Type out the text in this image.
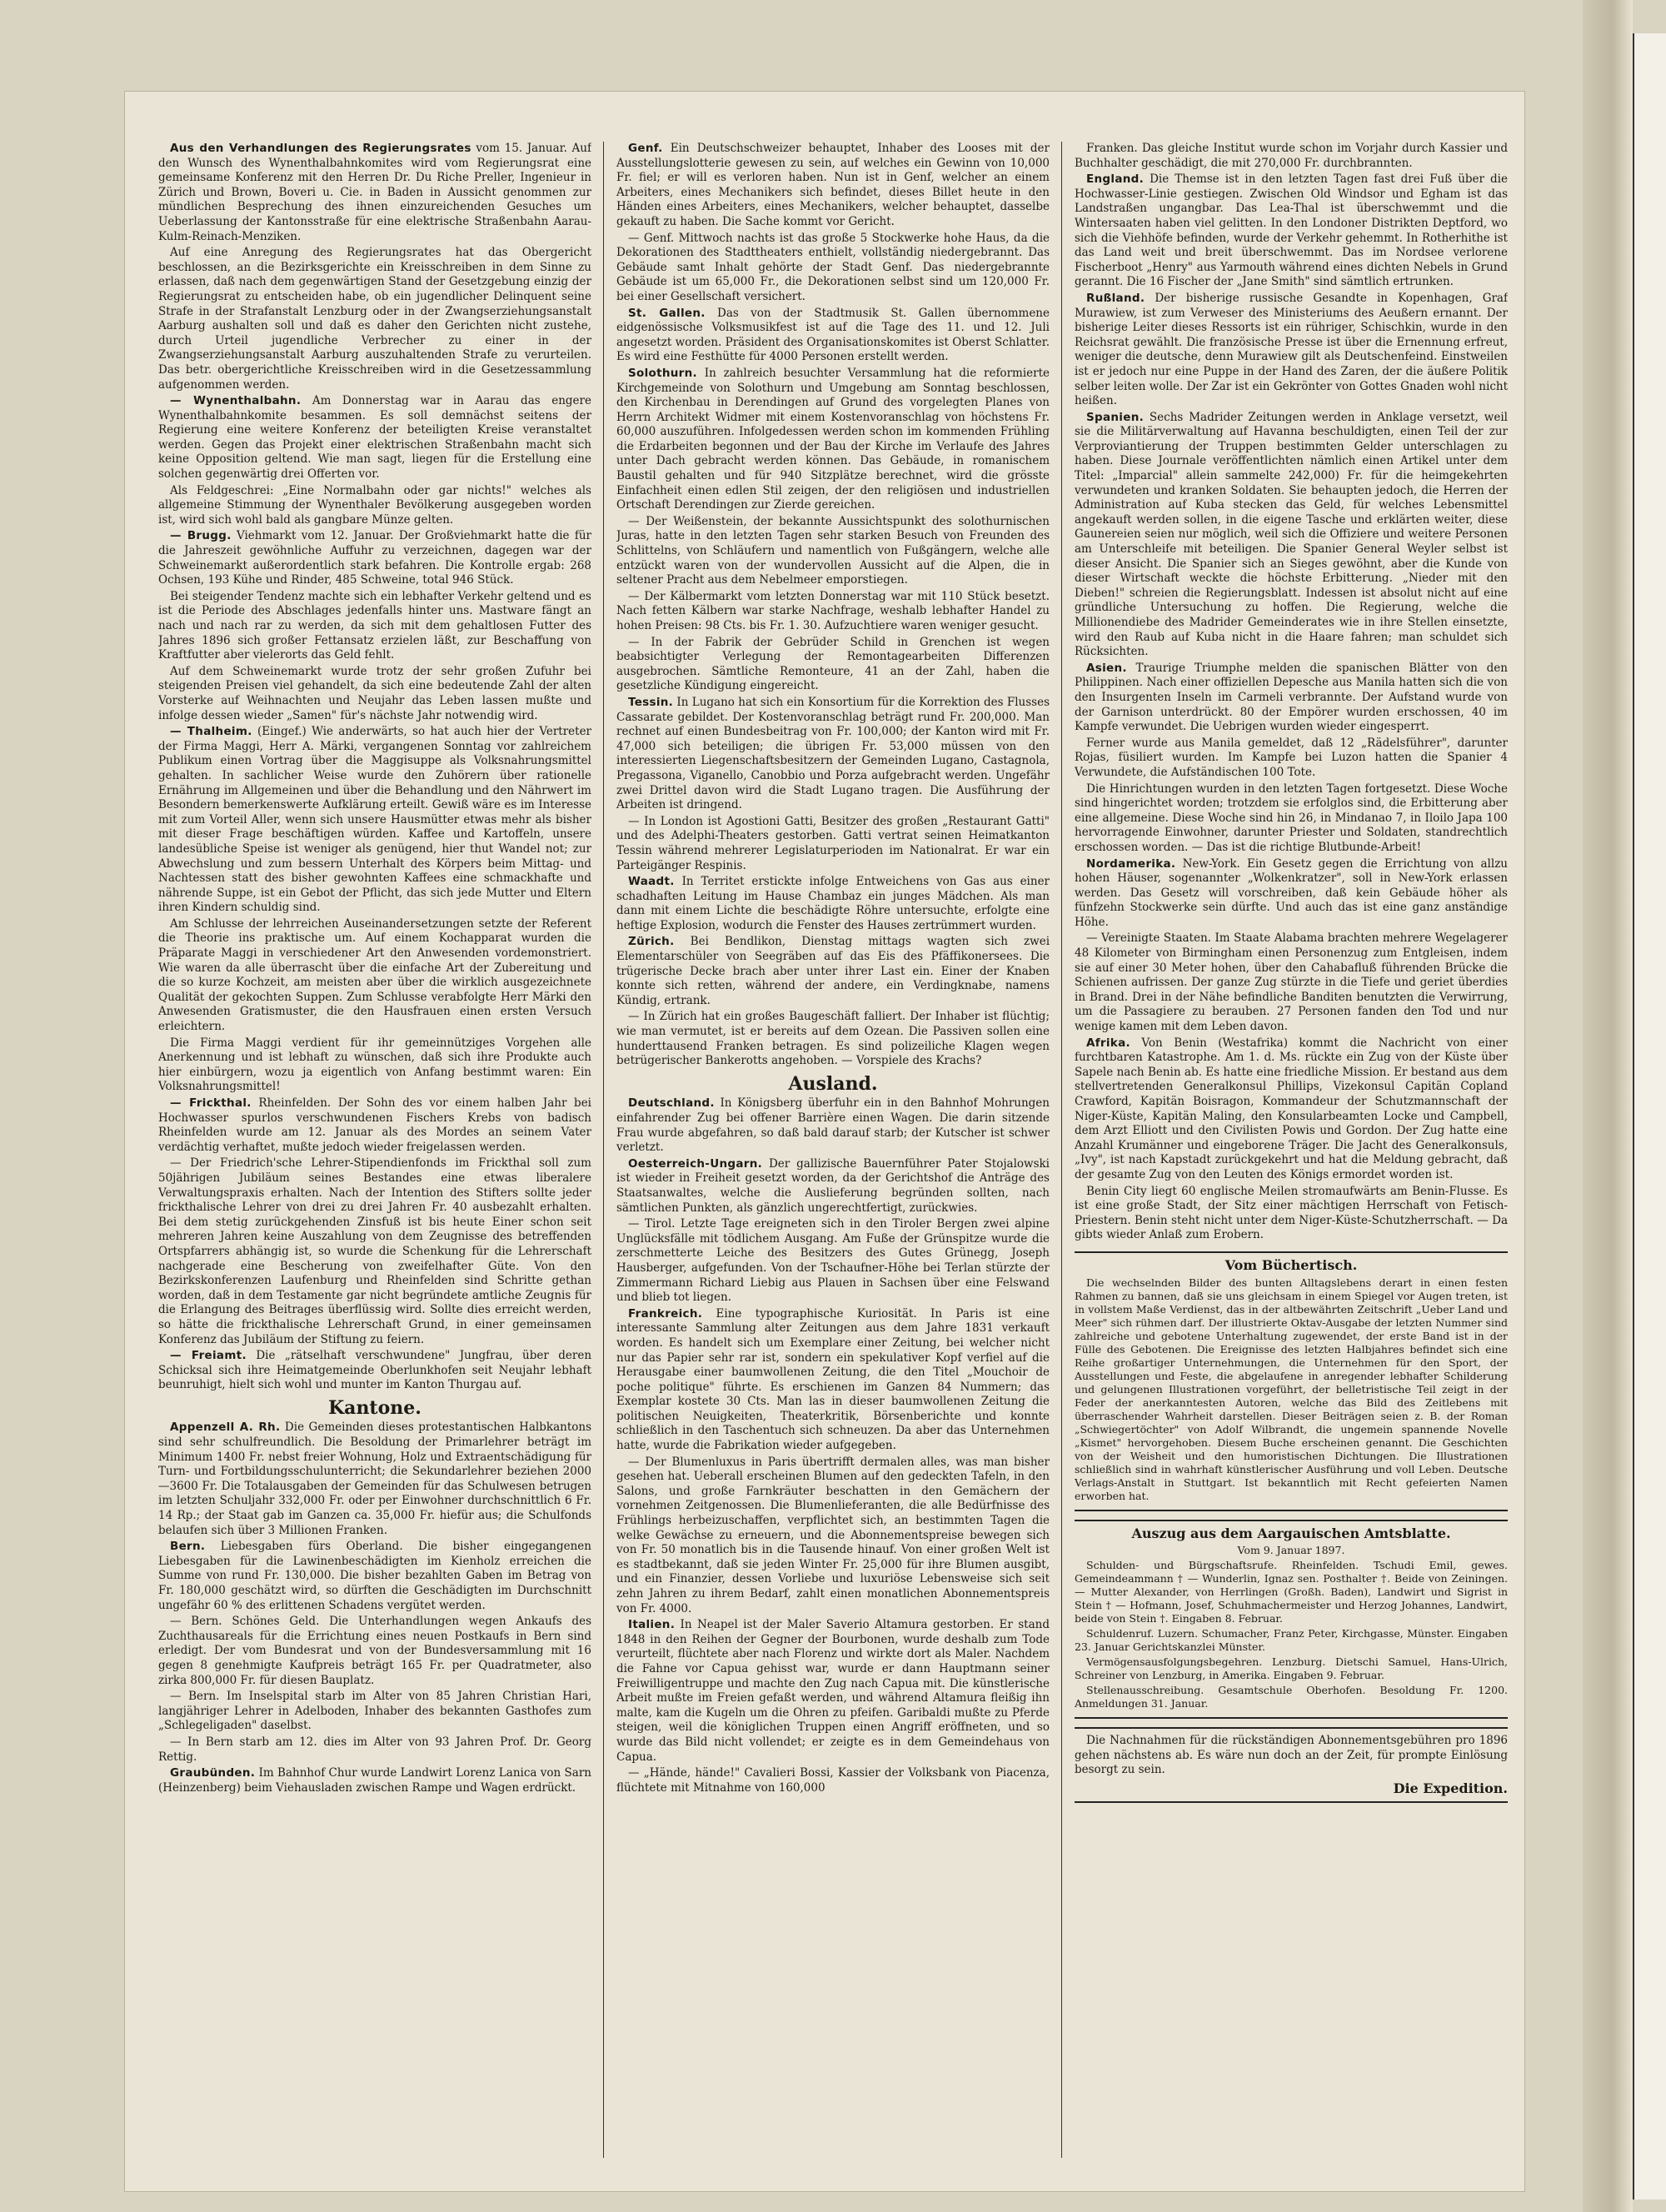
Aus den Verhandlungen des Regierungsrates vom 15. Januar. Auf den Wunsch des Wynenthalbahnkomites wird vom Regierungsrat eine gemeinsame Konferenz mit den Herren Dr. Du Riche Preller, Ingenieur in Zürich und Brown, Boveri u. Cie. in Baden in Aussicht genommen zur mündlichen Besprechung des ihnen einzureichenden Gesuches um Ueberlassung der Kantonsstraße für eine elektrische Straßenbahn Aarau-Kulm-Reinach-Menziken.

Auf eine Anregung des Regierungsrates hat das Obergericht beschlossen, an die Bezirksgerichte ein Kreisschreiben in dem Sinne zu erlassen, daß nach dem gegenwärtigen Stand der Gesetzgebung einzig der Regierungsrat zu entscheiden habe, ob ein jugendlicher Delinquent seine Strafe in der Strafanstalt Lenzburg oder in der Zwangserziehungsanstalt Aarburg aushalten soll und daß es daher den Gerichten nicht zustehe, durch Urteil jugendliche Verbrecher zu einer in der Zwangserziehungsanstalt Aarburg auszuhaltenden Strafe zu verurteilen. Das betr. obergerichtliche Kreisschreiben wird in die Gesetzessammlung aufgenommen werden.

— Wynenthalbahn. Am Donnerstag war in Aarau das engere Wynenthalbahnkomite besammen. Es soll demnächst seitens der Regierung eine weitere Konferenz der beteiligten Kreise veranstaltet werden. Gegen das Projekt einer elektrischen Straßenbahn macht sich keine Opposition geltend. Wie man sagt, liegen für die Erstellung eine solchen gegenwärtig drei Offerten vor.

Als Feldgeschrei: „Eine Normalbahn oder gar nichts!" welches als allgemeine Stimmung der Wynenthaler Bevölkerung ausgegeben worden ist, wird sich wohl bald als gangbare Münze gelten.

— Brugg. Viehmarkt vom 12. Januar. Der Großviehmarkt hatte die für die Jahreszeit gewöhnliche Auffuhr zu verzeichnen, dagegen war der Schweinemarkt außerordentlich stark befahren. Die Kontrolle ergab: 268 Ochsen, 193 Kühe und Rinder, 485 Schweine, total 946 Stück.

Bei steigender Tendenz machte sich ein lebhafter Verkehr geltend und es ist die Periode des Abschlages jedenfalls hinter uns. Mastware fängt an nach und nach rar zu werden, da sich mit dem gehaltlosen Futter des Jahres 1896 sich großer Fettansatz erzielen läßt, zur Beschaffung von Kraftfutter aber vielerorts das Geld fehlt.

Auf dem Schweinemarkt wurde trotz der sehr großen Zufuhr bei steigenden Preisen viel gehandelt, da sich eine bedeutende Zahl der alten Vorsterke auf Weihnachten und Neujahr das Leben lassen mußte und infolge dessen wieder „Samen" für's nächste Jahr notwendig wird.

— Thalheim. (Eingef.) Wie anderwärts, so hat auch hier der Vertreter der Firma Maggi, Herr A. Märki, vergangenen Sonntag vor zahlreichem Publikum einen Vortrag über die Maggisuppe als Volksnahrungsmittel gehalten. In sachlicher Weise wurde den Zuhörern über rationelle Ernährung im Allgemeinen und über die Behandlung und den Nährwert im Besondern bemerkenswerte Aufklärung erteilt. Gewiß wäre es im Interesse mit zum Vorteil Aller, wenn sich unsere Hausmütter etwas mehr als bisher mit dieser Frage beschäftigen würden. Kaffee und Kartoffeln, unsere landesübliche Speise ist weniger als genügend, hier thut Wandel not; zur Abwechslung und zum bessern Unterhalt des Körpers beim Mittag- und Nachtessen statt des bisher gewohnten Kaffees eine schmackhafte und nährende Suppe, ist ein Gebot der Pflicht, das sich jede Mutter und Eltern ihren Kindern schuldig sind.

Am Schlusse der lehrreichen Auseinandersetzungen setzte der Referent die Theorie ins praktische um. Auf einem Kochapparat wurden die Präparate Maggi in verschiedener Art den Anwesenden vordemonstriert. Wie waren da alle überrascht über die einfache Art der Zubereitung und die so kurze Kochzeit, am meisten aber über die wirklich ausgezeichnete Qualität der gekochten Suppen. Zum Schlusse verabfolgte Herr Märki den Anwesenden Gratismuster, die den Hausfrauen einen ersten Versuch erleichtern.

Die Firma Maggi verdient für ihr gemeinnütziges Vorgehen alle Anerkennung und ist lebhaft zu wünschen, daß sich ihre Produkte auch hier einbürgern, wozu ja eigentlich von Anfang bestimmt waren: Ein Volksnahrungsmittel!

— Frickthal. Rheinfelden. Der Sohn des vor einem halben Jahr bei Hochwasser spurlos verschwundenen Fischers Krebs von badisch Rheinfelden wurde am 12. Januar als des Mordes an seinem Vater verdächtig verhaftet, mußte jedoch wieder freigelassen werden.

— Der Friedrich'sche Lehrer-Stipendienfonds im Frickthal soll zum 50jährigen Jubiläum seines Bestandes eine etwas liberalere Verwaltungspraxis erhalten. Nach der Intention des Stifters sollte jeder frickthalische Lehrer von drei zu drei Jahren Fr. 40 ausbezahlt erhalten. Bei dem stetig zurückgehenden Zinsfuß ist bis heute Einer schon seit mehreren Jahren keine Auszahlung von dem Zeugnisse des betreffenden Ortspfarrers abhängig ist, so wurde die Schenkung für die Lehrerschaft nachgerade eine Bescherung von zweifelhafter Güte. Von den Bezirkskonferenzen Laufenburg und Rheinfelden sind Schritte gethan worden, daß in dem Testamente gar nicht begründete amtliche Zeugnis für die Erlangung des Beitrages überflüssig wird. Sollte dies erreicht werden, so hätte die frickthalische Lehrerschaft Grund, in einer gemeinsamen Konferenz das Jubiläum der Stiftung zu feiern.

— Freiamt. Die „rätselhaft verschwundene" Jungfrau, über deren Schicksal sich ihre Heimatgemeinde Oberlunkhofen seit Neujahr lebhaft beunruhigt, hielt sich wohl und munter im Kanton Thurgau auf.

Kantone.

Appenzell A. Rh. Die Gemeinden dieses protestantischen Halbkantons sind sehr schulfreundlich. Die Besoldung der Primarlehrer beträgt im Minimum 1400 Fr. nebst freier Wohnung, Holz und Extraentschädigung für Turn- und Fortbildungsschulunterricht; die Sekundarlehrer beziehen 2000—3600 Fr. Die Totalausgaben der Gemeinden für das Schulwesen betrugen im letzten Schuljahr 332,000 Fr. oder per Einwohner durchschnittlich 6 Fr. 14 Rp.; der Staat gab im Ganzen ca. 35,000 Fr. hiefür aus; die Schulfonds belaufen sich über 3 Millionen Franken.

Bern. Liebesgaben fürs Oberland. Die bisher eingegangenen Liebesgaben für die Lawinenbeschädigten im Kienholz erreichen die Summe von rund Fr. 130,000. Die bisher bezahlten Gaben im Betrag von Fr. 180,000 geschätzt wird, so dürften die Geschädigten im Durchschnitt ungefähr 60 % des erlittenen Schadens vergütet werden.

— Bern. Schönes Geld. Die Unterhandlungen wegen Ankaufs des Zuchthausareals für die Errichtung eines neuen Postkaufs in Bern sind erledigt. Der vom Bundesrat und von der Bundesversammlung mit 16 gegen 8 genehmigte Kaufpreis beträgt 165 Fr. per Quadratmeter, also zirka 800,000 Fr. für diesen Bauplatz.

— Bern. Im Inselspital starb im Alter von 85 Jahren Christian Hari, langjähriger Lehrer in Adelboden, Inhaber des bekannten Gasthofes zum „Schlegeligaden" daselbst.

— In Bern starb am 12. dies im Alter von 93 Jahren Prof. Dr. Georg Rettig.

Graubünden. Im Bahnhof Chur wurde Landwirt Lorenz Lanica von Sarn (Heinzenberg) beim Viehausladen zwischen Rampe und Wagen erdrückt.

Genf. Ein Deutschschweizer behauptet, Inhaber des Looses mit der Ausstellungslotterie gewesen zu sein, auf welches ein Gewinn von 10,000 Fr. fiel; er will es verloren haben. Nun ist in Genf, welcher an einem Arbeiters, eines Mechanikers sich befindet, dieses Billet heute in den Händen eines Arbeiters, eines Mechanikers, welcher behauptet, dasselbe gekauft zu haben. Die Sache kommt vor Gericht.

— Genf. Mittwoch nachts ist das große 5 Stockwerke hohe Haus, da die Dekorationen des Stadttheaters enthielt, vollständig niedergebrannt. Das Gebäude samt Inhalt gehörte der Stadt Genf. Das niedergebrannte Gebäude ist um 65,000 Fr., die Dekorationen selbst sind um 120,000 Fr. bei einer Gesellschaft versichert.

St. Gallen. Das von der Stadtmusik St. Gallen übernommene eidgenössische Volksmusikfest ist auf die Tage des 11. und 12. Juli angesetzt worden. Präsident des Organisationskomites ist Oberst Schlatter. Es wird eine Festhütte für 4000 Personen erstellt werden.

Solothurn. In zahlreich besuchter Versammlung hat die reformierte Kirchgemeinde von Solothurn und Umgebung am Sonntag beschlossen, den Kirchenbau in Derendingen auf Grund des vorgelegten Planes von Herrn Architekt Widmer mit einem Kostenvoranschlag von höchstens Fr. 60,000 auszuführen. Infolgedessen werden schon im kommenden Frühling die Erdarbeiten begonnen und der Bau der Kirche im Verlaufe des Jahres unter Dach gebracht werden können. Das Gebäude, in romanischem Baustil gehalten und für 940 Sitzplätze berechnet, wird die grösste Einfachheit einen edlen Stil zeigen, der den religiösen und industriellen Ortschaft Derendingen zur Zierde gereichen.

— Der Weißenstein, der bekannte Aussichtspunkt des solothurnischen Juras, hatte in den letzten Tagen sehr starken Besuch von Freunden des Schlittelns, von Schläufern und namentlich von Fußgängern, welche alle entzückt waren von der wundervollen Aussicht auf die Alpen, die in seltener Pracht aus dem Nebelmeer emporstiegen.

— Der Kälbermarkt vom letzten Donnerstag war mit 110 Stück besetzt. Nach fetten Kälbern war starke Nachfrage, weshalb lebhafter Handel zu hohen Preisen: 98 Cts. bis Fr. 1. 30. Aufzuchtiere waren weniger gesucht.

— In der Fabrik der Gebrüder Schild in Grenchen ist wegen beabsichtigter Verlegung der Remontagearbeiten Differenzen ausgebrochen. Sämtliche Remonteure, 41 an der Zahl, haben die gesetzliche Kündigung eingereicht.

Tessin. In Lugano hat sich ein Konsortium für die Korrektion des Flusses Cassarate gebildet. Der Kostenvoranschlag beträgt rund Fr. 200,000. Man rechnet auf einen Bundesbeitrag von Fr. 100,000; der Kanton wird mit Fr. 47,000 sich beteiligen; die übrigen Fr. 53,000 müssen von den interessierten Liegenschaftsbesitzern der Gemeinden Lugano, Castagnola, Pregassona, Viganello, Canobbio und Porza aufgebracht werden. Ungefähr zwei Drittel davon wird die Stadt Lugano tragen. Die Ausführung der Arbeiten ist dringend.

— In London ist Agostioni Gatti, Besitzer des großen „Restaurant Gatti" und des Adelphi-Theaters gestorben. Gatti vertrat seinen Heimatkanton Tessin während mehrerer Legislaturperioden im Nationalrat. Er war ein Parteigänger Respinis.

Waadt. In Territet erstickte infolge Entweichens von Gas aus einer schadhaften Leitung im Hause Chambaz ein junges Mädchen. Als man dann mit einem Lichte die beschädigte Röhre untersuchte, erfolgte eine heftige Explosion, wodurch die Fenster des Hauses zertrümmert wurden.

Zürich. Bei Bendlikon, Dienstag mittags wagten sich zwei Elementarschüler von Seegräben auf das Eis des Pfäffikonersees. Die trügerische Decke brach aber unter ihrer Last ein. Einer der Knaben konnte sich retten, während der andere, ein Verdingknabe, namens Kündig, ertrank.

— In Zürich hat ein großes Baugeschäft falliert. Der Inhaber ist flüchtig; wie man vermutet, ist er bereits auf dem Ozean. Die Passiven sollen eine hunderttausend Franken betragen. Es sind polizeiliche Klagen wegen betrügerischer Bankerotts angehoben. — Vorspiele des Krachs?

Ausland.

Deutschland. In Königsberg überfuhr ein in den Bahnhof Mohrungen einfahrender Zug bei offener Barrière einen Wagen. Die darin sitzende Frau wurde abgefahren, so daß bald darauf starb; der Kutscher ist schwer verletzt.

Oesterreich-Ungarn. Der gallizische Bauernführer Pater Stojalowski ist wieder in Freiheit gesetzt worden, da der Gerichtshof die Anträge des Staatsanwaltes, welche die Auslieferung begründen sollten, nach sämtlichen Punkten, als gänzlich ungerechtfertigt, zurückwies.

— Tirol. Letzte Tage ereigneten sich in den Tiroler Bergen zwei alpine Unglücksfälle mit tödlichem Ausgang. Am Fuße der Grünspitze wurde die zerschmetterte Leiche des Besitzers des Gutes Grünegg, Joseph Hausberger, aufgefunden. Von der Tschaufner-Höhe bei Terlan stürzte der Zimmermann Richard Liebig aus Plauen in Sachsen über eine Felswand und blieb tot liegen.

Frankreich. Eine typographische Kuriosität. In Paris ist eine interessante Sammlung alter Zeitungen aus dem Jahre 1831 verkauft worden. Es handelt sich um Exemplare einer Zeitung, bei welcher nicht nur das Papier sehr rar ist, sondern ein spekulativer Kopf verfiel auf die Herausgabe einer baumwollenen Zeitung, die den Titel „Mouchoir de poche politique" führte. Es erschienen im Ganzen 84 Nummern; das Exemplar kostete 30 Cts. Man las in dieser baumwollenen Zeitung die politischen Neuigkeiten, Theaterkritik, Börsenberichte und konnte schließlich in den Taschentuch sich schneuzen. Da aber das Unternehmen hatte, wurde die Fabrikation wieder aufgegeben.

— Der Blumenluxus in Paris übertrifft dermalen alles, was man bisher gesehen hat. Ueberall erscheinen Blumen auf den gedeckten Tafeln, in den Salons, und große Farnkräuter beschatten in den Gemächern der vornehmen Zeitgenossen. Die Blumenlieferanten, die alle Bedürfnisse des Frühlings herbeizuschaffen, verpflichtet sich, an bestimmten Tagen die welke Gewächse zu erneuern, und die Abonnementspreise bewegen sich von Fr. 50 monatlich bis in die Tausende hinauf. Von einer großen Welt ist es stadtbekannt, daß sie jeden Winter Fr. 25,000 für ihre Blumen ausgibt, und ein Finanzier, dessen Vorliebe und luxuriöse Lebensweise sich seit zehn Jahren zu ihrem Bedarf, zahlt einen monatlichen Abonnementspreis von Fr. 4000.

Italien. In Neapel ist der Maler Saverio Altamura gestorben. Er stand 1848 in den Reihen der Gegner der Bourbonen, wurde deshalb zum Tode verurteilt, flüchtete aber nach Florenz und wirkte dort als Maler. Nachdem die Fahne vor Capua gehisst war, wurde er dann Hauptmann seiner Freiwilligentruppe und machte den Zug nach Capua mit. Die künstlerische Arbeit mußte im Freien gefaßt werden, und während Altamura fleißig ihn malte, kam die Kugeln um die Ohren zu pfeifen. Garibaldi mußte zu Pferde steigen, weil die königlichen Truppen einen Angriff eröffneten, und so wurde das Bild nicht vollendet; er zeigte es in dem Gemeindehaus von Capua.

— „Hände, hände!" Cavalieri Bossi, Kassier der Volksbank von Piacenza, flüchtete mit Mitnahme von 160,000

Franken. Das gleiche Institut wurde schon im Vorjahr durch Kassier und Buchhalter geschädigt, die mit 270,000 Fr. durchbrannten.

England. Die Themse ist in den letzten Tagen fast drei Fuß über die Hochwasser-Linie gestiegen. Zwischen Old Windsor und Egham ist das Landstraßen ungangbar. Das Lea-Thal ist überschwemmt und die Wintersaaten haben viel gelitten. In den Londoner Distrikten Deptford, wo sich die Viehhöfe befinden, wurde der Verkehr gehemmt. In Rotherhithe ist das Land weit und breit überschwemmt. Das im Nordsee verlorene Fischerboot „Henry" aus Yarmouth während eines dichten Nebels in Grund gerannt. Die 16 Fischer der „Jane Smith" sind sämtlich ertrunken.

Rußland. Der bisherige russische Gesandte in Kopenhagen, Graf Murawiew, ist zum Verweser des Ministeriums des Aeußern ernannt. Der bisherige Leiter dieses Ressorts ist ein rühriger, Schischkin, wurde in den Reichsrat gewählt. Die französische Presse ist über die Ernennung erfreut, weniger die deutsche, denn Murawiew gilt als Deutschenfeind. Einstweilen ist er jedoch nur eine Puppe in der Hand des Zaren, der die äußere Politik selber leiten wolle. Der Zar ist ein Gekrönter von Gottes Gnaden wohl nicht heißen.

Spanien. Sechs Madrider Zeitungen werden in Anklage versetzt, weil sie die Militärverwaltung auf Havanna beschuldigten, einen Teil der zur Verproviantierung der Truppen bestimmten Gelder unterschlagen zu haben. Diese Journale veröffentlichten nämlich einen Artikel unter dem Titel: „Imparcial" allein sammelte 242,000) Fr. für die heimgekehrten verwundeten und kranken Soldaten. Sie behaupten jedoch, die Herren der Administration auf Kuba stecken das Geld, für welches Lebensmittel angekauft werden sollen, in die eigene Tasche und erklärten weiter, diese Gaunereien seien nur möglich, weil sich die Offiziere und weitere Personen am Unterschleife mit beteiligen. Die Spanier General Weyler selbst ist dieser Ansicht. Die Spanier sich an Sieges gewöhnt, aber die Kunde von dieser Wirtschaft weckte die höchste Erbitterung. „Nieder mit den Dieben!" schreien die Regierungsblatt. Indessen ist absolut nicht auf eine gründliche Untersuchung zu hoffen. Die Regierung, welche die Millionendiebe des Madrider Gemeinderates wie in ihre Stellen einsetzte, wird den Raub auf Kuba nicht in die Haare fahren; man schuldet sich Rücksichten.

Asien. Traurige Triumphe melden die spanischen Blätter von den Philippinen. Nach einer offiziellen Depesche aus Manila hatten sich die von den Insurgenten Inseln im Carmeli verbrannte. Der Aufstand wurde von der Garnison unterdrückt. 80 der Empörer wurden erschossen, 40 im Kampfe verwundet. Die Uebrigen wurden wieder eingesperrt.

Ferner wurde aus Manila gemeldet, daß 12 „Rädelsführer", darunter Rojas, füsiliert wurden. Im Kampfe bei Luzon hatten die Spanier 4 Verwundete, die Aufständischen 100 Tote.

Die Hinrichtungen wurden in den letzten Tagen fortgesetzt. Diese Woche sind hingerichtet worden; trotzdem sie erfolglos sind, die Erbitterung aber eine allgemeine. Diese Woche sind hin 26, in Mindanao 7, in Iloilo Japa 100 hervorragende Einwohner, darunter Priester und Soldaten, standrechtlich erschossen worden. — Das ist die richtige Blutbunde-Arbeit!

Nordamerika. New-York. Ein Gesetz gegen die Errichtung von allzu hohen Häuser, sogenannter „Wolkenkratzer", soll in New-York erlassen werden. Das Gesetz will vorschreiben, daß kein Gebäude höher als fünfzehn Stockwerke sein dürfte. Und auch das ist eine ganz anständige Höhe.

— Vereinigte Staaten. Im Staate Alabama brachten mehrere Wegelagerer 48 Kilometer von Birmingham einen Personenzug zum Entgleisen, indem sie auf einer 30 Meter hohen, über den Cahabafluß führenden Brücke die Schienen aufrissen. Der ganze Zug stürzte in die Tiefe und geriet überdies in Brand. Drei in der Nähe befindliche Banditen benutzten die Verwirrung, um die Passagiere zu berauben. 27 Personen fanden den Tod und nur wenige kamen mit dem Leben davon.

Afrika. Von Benin (Westafrika) kommt die Nachricht von einer furchtbaren Katastrophe. Am 1. d. Ms. rückte ein Zug von der Küste über Sapele nach Benin ab. Es hatte eine friedliche Mission. Er bestand aus dem stellvertretenden Generalkonsul Phillips, Vizekonsul Capitän Copland Crawford, Kapitän Boisragon, Kommandeur der Schutzmannschaft der Niger-Küste, Kapitän Maling, den Konsularbeamten Locke und Campbell, dem Arzt Elliott und den Civilisten Powis und Gordon. Der Zug hatte eine Anzahl Krumänner und eingeborene Träger. Die Jacht des Generalkonsuls, „Ivy", ist nach Kapstadt zurückgekehrt und hat die Meldung gebracht, daß der gesamte Zug von den Leuten des Königs ermordet worden ist.

Benin City liegt 60 englische Meilen stromaufwärts am Benin-Flusse. Es ist eine große Stadt, der Sitz einer mächtigen Herrschaft von Fetisch-Priestern. Benin steht nicht unter dem Niger-Küste-Schutzherrschaft. — Da gibts wieder Anlaß zum Erobern.

Vom Büchertisch.

Die wechselnden Bilder des bunten Alltagslebens derart in einen festen Rahmen zu bannen, daß sie uns gleichsam in einem Spiegel vor Augen treten, ist in vollstem Maße Verdienst, das in der altbewährten Zeitschrift „Ueber Land und Meer" sich rühmen darf. Der illustrierte Oktav-Ausgabe der letzten Nummer sind zahlreiche und gebotene Unterhaltung zugewendet, der erste Band ist in der Fülle des Gebotenen. Die Ereignisse des letzten Halbjahres befindet sich eine Reihe großartiger Unternehmungen, die Unternehmen für den Sport, der Ausstellungen und Feste, die abgelaufene in anregender lebhafter Schilderung und gelungenen Illustrationen vorgeführt, der belletristische Teil zeigt in der Feder der anerkanntesten Autoren, welche das Bild des Zeitlebens mit überraschender Wahrheit darstellen. Dieser Beiträgen seien z. B. der Roman „Schwiegertöchter" von Adolf Wilbrandt, die ungemein spannende Novelle „Kismet" hervorgehoben. Diesem Buche erscheinen genannt. Die Geschichten von der Weisheit und den humoristischen Dichtungen. Die Illustrationen schließlich sind in wahrhaft künstlerischer Ausführung und voll Leben. Deutsche Verlags-Anstalt in Stuttgart. Ist bekanntlich mit Recht gefeierten Namen erworben hat.

Auszug aus dem Aargauischen Amtsblatte.

Vom 9. Januar 1897.

Schulden- und Bürgschaftsrufe. Rheinfelden. Tschudi Emil, gewes. Gemeindeammann † — Wunderlin, Ignaz sen. Posthalter †. Beide von Zeiningen. — Mutter Alexander, von Herrlingen (Großh. Baden), Landwirt und Sigrist in Stein † — Hofmann, Josef, Schuhmachermeister und Herzog Johannes, Landwirt, beide von Stein †. Eingaben 8. Februar.

Schuldenruf. Luzern. Schumacher, Franz Peter, Kirchgasse, Münster. Eingaben 23. Januar Gerichtskanzlei Münster.

Vermögensausfolgungsbegehren. Lenzburg. Dietschi Samuel, Hans-Ulrich, Schreiner von Lenzburg, in Amerika. Eingaben 9. Februar.

Stellenausschreibung. Gesamtschule Oberhofen. Besoldung Fr. 1200. Anmeldungen 31. Januar.

Die Nachnahmen für die rückständigen Abonnementsgebühren pro 1896 gehen nächstens ab. Es wäre nun doch an der Zeit, für prompte Einlösung besorgt zu sein.

Die Expedition.
